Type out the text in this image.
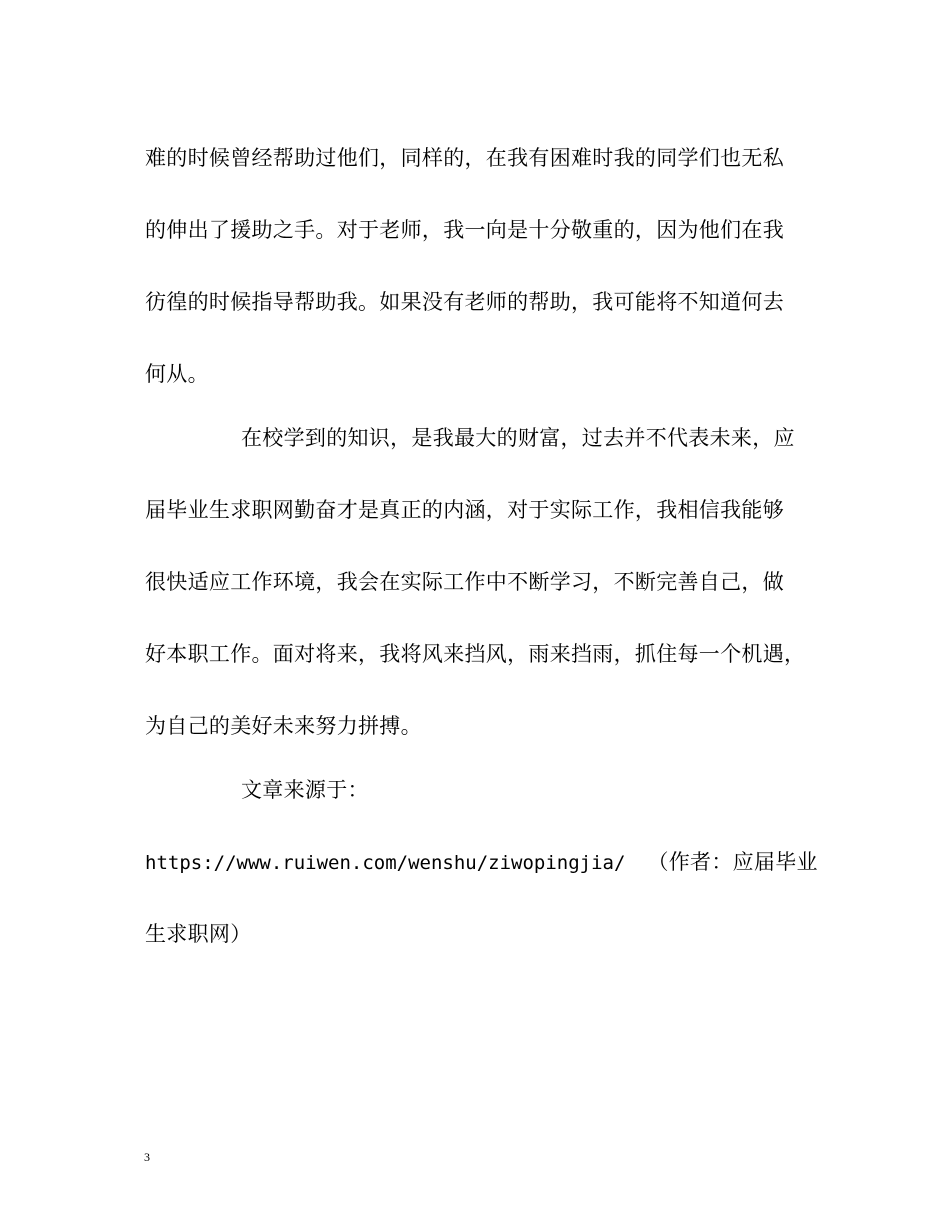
难的时候曾经帮助过他们，同样的，在我有困难时我的同学们也无私
的伸出了援助之手。对于老师，我一向是十分敬重的，因为他们在我
彷徨的时候指导帮助我。如果没有老师的帮助，我可能将不知道何去
何从。
在校学到的知识，是我最大的财富，过去并不代表未来，应
届毕业生求职网勤奋才是真正的内涵，对于实际工作，我相信我能够
很快适应工作环境，我会在实际工作中不断学习，不断完善自己，做
好本职工作。面对将来，我将风来挡风，雨来挡雨，抓住每一个机遇，
为自己的美好未来努力拼搏。
文章来源于：
https://www.ruiwen.com/wenshu/ziwopingjia/ （作者：应届毕业
生求职网）
3
